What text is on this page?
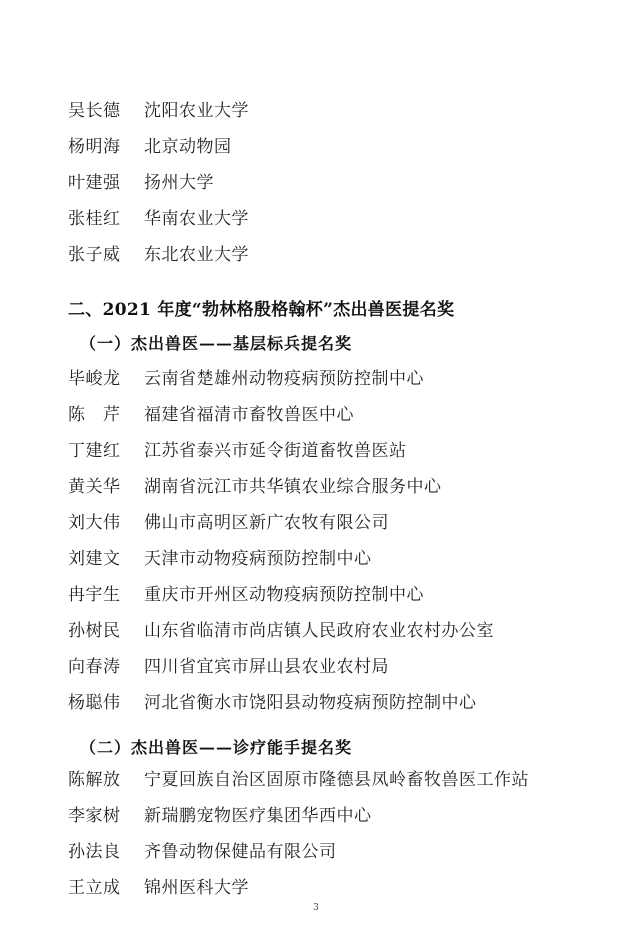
吴长德	沈阳农业大学
杨明海	北京动物园
叶建强	扬州大学
张桂红	华南农业大学
张子威	东北农业大学
二、2021 年度“勃林格殷格翰杯”杰出兽医提名奖
（一）杰出兽医——基层标兵提名奖
毕峻龙	云南省楚雄州动物疫病预防控制中心
陈　芹	福建省福清市畜牧兽医中心
丁建红	江苏省泰兴市延令街道畜牧兽医站
黄关华	湖南省沅江市共华镇农业综合服务中心
刘大伟	佛山市高明区新广农牧有限公司
刘建文	天津市动物疫病预防控制中心
冉宇生	重庆市开州区动物疫病预防控制中心
孙树民	山东省临清市尚店镇人民政府农业农村办公室
向春涛	四川省宜宾市屏山县农业农村局
杨聪伟	河北省衡水市饶阳县动物疫病预防控制中心
（二）杰出兽医——诊疗能手提名奖
陈解放	宁夏回族自治区固原市隆德县凤岭畜牧兽医工作站
李家树	新瑞鹏宠物医疗集团华西中心
孙法良	齐鲁动物保健品有限公司
王立成	锦州医科大学
3
